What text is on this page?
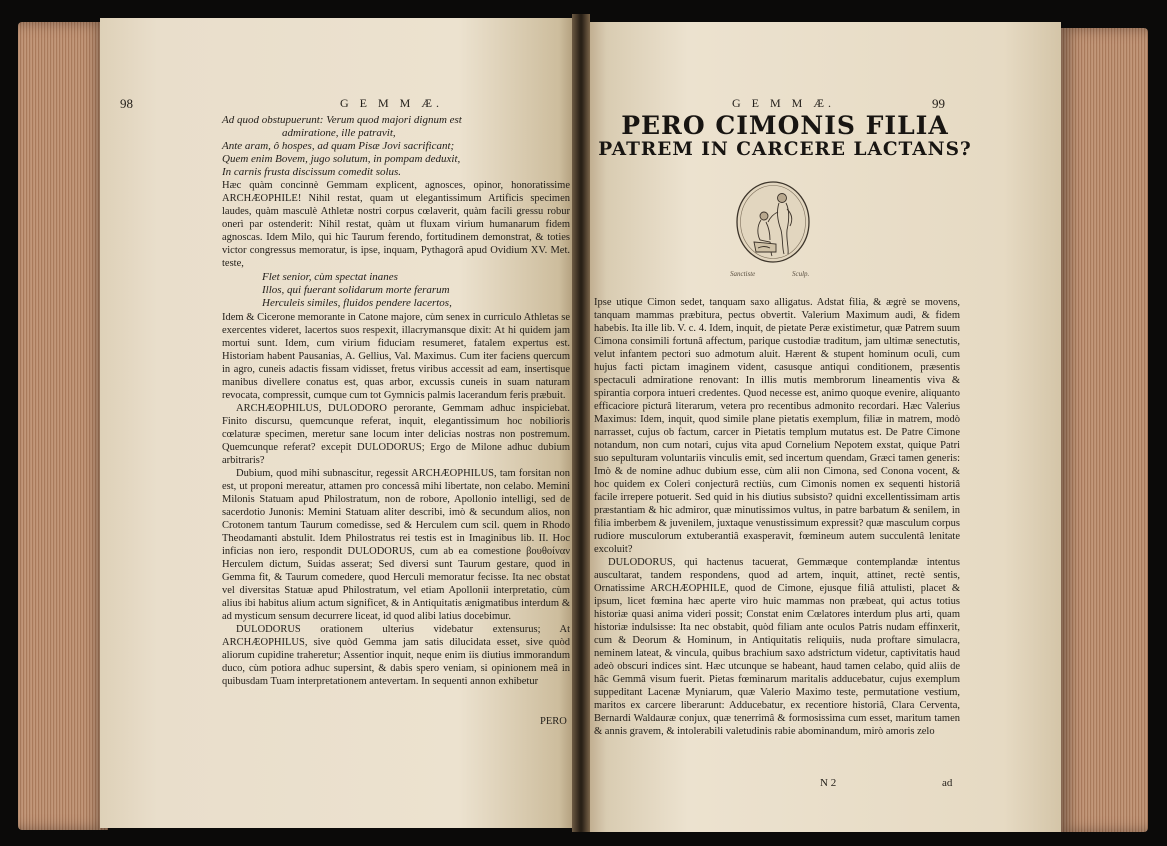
98	G E M M Æ.
Ad quod obstupuerunt: Verum quod majori dignum est
admiratione, ille patravit,
Ante aram, ô hospes, ad quam Pisæ Jovi sacrificant;
Quem enim Bovem, jugo solutum, in pompam deduxit,
In carnis frusta discissum comedit solus.

Hæc quàm concinnè Gemmam explicent, agnosces, opinor, honoratissime ARCHÆOPHILE! Nihil restat, quam ut elegantissimum Artificis specimen laudes, quàm masculè Athletæ nostri corpus cœlaverit, quàm facili gressu robur onerì par ostenderit: Nihil restat, quàm ut fluxam virium humanarum fidem agnoscas. Idem Milo, qui hic Taurum ferendo, fortitudinem demonstrat, & toties victor congressus memoratur, is ipse, inquam, Pythagorâ apud Ovidium XV. Met. teste,

Flet senior, cùm spectat inanes
Illos, qui fuerant solidarum morte ferarum
Herculeis similes, fluidos pendere lacertos,

Idem & Cicerone memorante in Catone majore, cùm senex in curriculo Athletas se exercentes videret, lacertos suos respexit, illacrymansque dixit: At hi quidem jam mortui sunt. Idem, cum virium fiduciam resumeret, fatalem expertus est. Historiam habent Pausanias, A. Gellius, Val. Maximus. Cum iter faciens quercum in agro, cuneis adactis fissam vidisset, fretus viribus accessit ad eam, insertisque manibus divellere conatus est, quas arbor, excussis cuneis in suam naturam revocata, compressit, cumque cum tot Gymnicis palmis lacerandum feris præbuit.

ARCHÆOPHILUS, DULODORO perorante, Gemmam adhuc inspiciebat. Finito discursu, quemcunque referat, inquit, elegantissimum hoc nobilioris cœlaturæ specimen, meretur sane locum inter delicias nostras non postremum. Quemcunque referat? excepit DULODORUS; Ergo de Milone adhuc dubium arbitraris?

Dubium, quod mihi subnascitur, regessit ARCHÆOPHILUS, tam forsitan non est, ut proponi mereatur, attamen pro concessâ mihi libertate, non celabo. Memini Milonis Statuam apud Philostratum, non de robore, Apollonio intelligi, sed de sacerdotio Junonis: Memini Statuam aliter describi, imò & secundum alios, non Crotonem tantum Taurum comedisse, sed & Herculem cum scil. quem in Rhodo Theodamanti abstulit. Idem Philostratus rei testis est in Imaginibus lib. II. Hoc inficias non iero, respondit DULODORUS, cum ab ea comestione βουθοίναν Herculem dictum, Suidas asserat; Sed diversi sunt Taurum gestare, quod in Gemma fit, & Taurum comedere, quod Herculi memoratur fecisse. Ita nec obstat vel diversitas Statuæ apud Philostratum, vel etiam Apollonii interpretatio, cùm alius ibi habitus alium actum significet, & in Antiquitatis ænigmatibus interdum & ad mysticum sensum decurrere liceat, id quod alibi latius docebimur.

DULODORUS orationem ulterius videbatur extensurus; At ARCHÆOPHILUS, sive quòd Gemma jam satis dilucidata esset, sive quòd aliorum cupidine traheretur; Assentior inquit, neque enim iis diutius immorandum duco, cùm potiora adhuc supersint, & dabis spero veniam, si opinionem meâ in quibusdam Tuam interpretationem antevertam. In sequenti annon exhibetur

PERO
G E M M Æ.	99
PERO CIMONIS FILIA
PATREM IN CARCERE LACTANS?
Sanctiste	Sculp.

Ipse utique Cimon sedet, tanquam saxo alligatus. Adstat filia, & ægrè se movens, tanquam mammas præbitura, pectus obvertit. Valerium Maximum audi, & fidem habebis. Ita ille lib. V. c. 4. Idem, inquit, de pietate Peræ existimetur, quæ Patrem suum Cimona consimili fortunâ affectum, parique custodiæ traditum, jam ultimæ senectutis, velut infantem pectori suo admotum aluit. Hærent & stupent hominum oculi, cum hujus facti pictam imaginem vident, casusque antiqui conditionem, præsentis spectaculi admiratione renovant: In illis mutis membrorum lineamentis viva & spirantia corpora intueri credentes. Quod necesse est, animo quoque evenire, aliquanto efficaciore picturâ literarum, vetera pro recentibus admonito recordari. Hæc Valerius Maximus: Idem, inquit, quod simile plane pietatis exemplum, filiæ in matrem, modò narrasset, cujus ob factum, carcer in Pietatis templum mutatus est. De Patre Cimone notandum, non cum notari, cujus vita apud Cornelium Nepotem exstat, quique Patri suo sepulturam voluntariis vinculis emit, sed incertum quendam, Græci tamen generis: Imò & de nomine adhuc dubium esse, cùm alii non Cimona, sed Conona vocent, & hoc quidem ex Coleri conjecturâ rectiùs, cum Cimonis nomen ex sequenti historiâ facile irrepere potuerit. Sed quid in his diutius subsisto? quidni excellentissimam artis præstantiam & hic admiror, quæ minutissimos vultus, in patre barbatum & senilem, in filia imberbem & juvenilem, juxtaque venustissimum expressit? quæ masculum corpus rudiore musculorum extuberantiâ exasperavit, fœmineum autem succulentâ lenitate excoluit?

DULODORUS, qui hactenus tacuerat, Gemmæque contemplandæ intentus auscultarat, tandem respondens, quod ad artem, inquit, attinet, rectè sentis, Ornatissime ARCHÆOPHILE, quod de Cimone, ejusque filiâ attulisti, placet & ipsum, licet fœmina hæc aperte viro huic mammas non præbeat, qui actus totius historiæ quasi anima videri possit; Constat enim Cœlatores interdum plus arti, quam historiæ indulsisse: Ita nec obstabit, quòd filiam ante oculos Patris nudam effinxerit, cum & Deorum & Hominum, in Antiquitatis reliquiis, nuda proftare simulacra, neminem lateat, & vincula, quibus brachium saxo adstrictum videtur, captivitatis haud adeò obscuri indices sint. Hæc utcunque se habeant, haud tamen celabo, quid aliis de hâc Gemmâ visum fuerit. Pietas fœminarum maritalis adducebatur, cujus exemplum suppeditant Lacenæ Myniarum, quæ Valerio Maximo teste, permutatione vestium, maritos ex carcere liberarunt: Adducebatur, ex recentiore historiâ, Clara Cerventa, Bernardi Waldauræ conjux, quæ tenerrimâ & formosissima cum esset, maritum tamen & annis gravem, & intolerabili valetudinis rabie abominandum, mirò amoris zelo

N 2	ad
